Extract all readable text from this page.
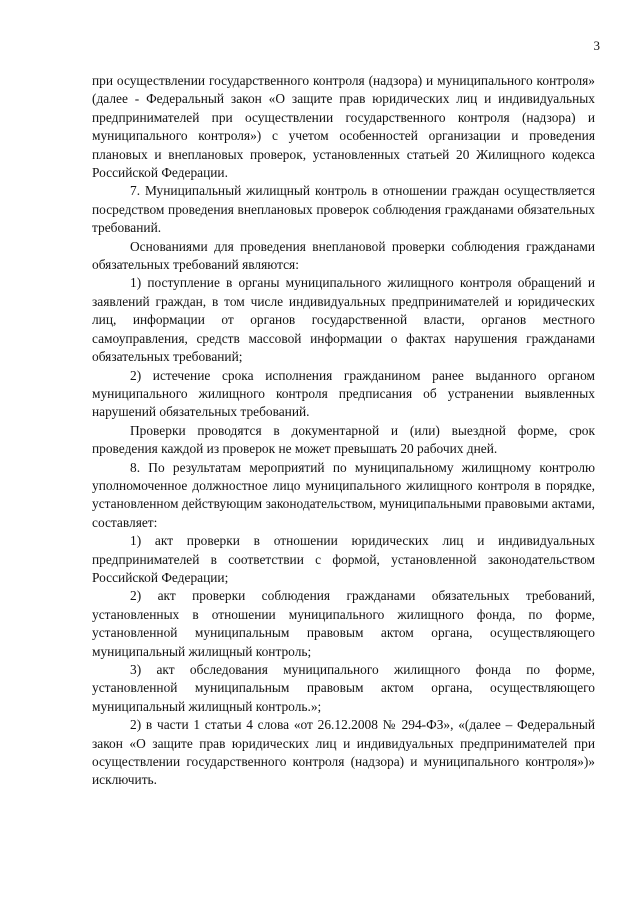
3

при осуществлении государственного контроля (надзора) и муниципального контроля» (далее - Федеральный закон «О защите прав юридических лиц и индивидуальных предпринимателей при осуществлении государственного контроля (надзора) и муниципального контроля») с учетом особенностей организации и проведения плановых и внеплановых проверок, установленных статьей 20 Жилищного кодекса Российской Федерации.

7. Муниципальный жилищный контроль в отношении граждан осуществляется посредством проведения внеплановых проверок соблюдения гражданами обязательных требований.

Основаниями для проведения внеплановой проверки соблюдения гражданами обязательных требований являются:

1) поступление в органы муниципального жилищного контроля обращений и заявлений граждан, в том числе индивидуальных предпринимателей и юридических лиц, информации от органов государственной власти, органов местного самоуправления, средств массовой информации о фактах нарушения гражданами обязательных требований;

2) истечение срока исполнения гражданином ранее выданного органом муниципального жилищного контроля предписания об устранении выявленных нарушений обязательных требований.

Проверки проводятся в документарной и (или) выездной форме, срок проведения каждой из проверок не может превышать 20 рабочих дней.

8. По результатам мероприятий по муниципальному жилищному контролю уполномоченное должностное лицо муниципального жилищного контроля в порядке, установленном действующим законодательством, муниципальными правовыми актами, составляет:

1) акт проверки в отношении юридических лиц и индивидуальных предпринимателей в соответствии с формой, установленной законодательством Российской Федерации;

2) акт проверки соблюдения гражданами обязательных требований, установленных в отношении муниципального жилищного фонда, по форме, установленной муниципальным правовым актом органа, осуществляющего муниципальный жилищный контроль;

3) акт обследования муниципального жилищного фонда по форме, установленной муниципальным правовым актом органа, осуществляющего муниципальный жилищный контроль.»;

2) в части 1 статьи 4 слова «от 26.12.2008 № 294-ФЗ», «(далее – Федеральный закон «О защите прав юридических лиц и индивидуальных предпринимателей при осуществлении государственного контроля (надзора) и муниципального контроля»)» исключить.
